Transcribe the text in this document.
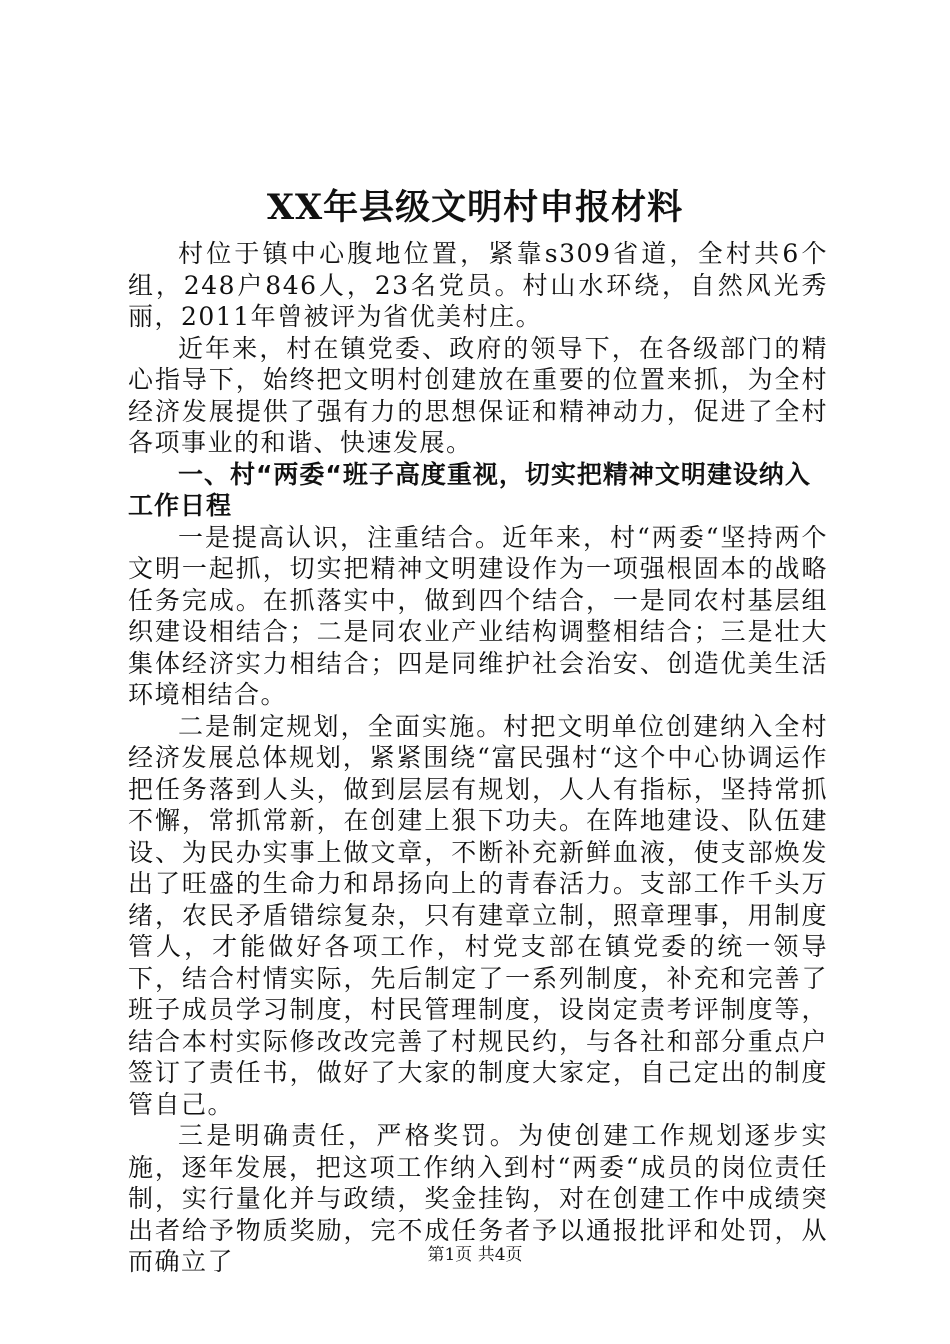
XX年县级文明村申报材料

村位于镇中心腹地位置，紧靠s309省道，全村共6个组，248户846人，23名党员。村山水环绕，自然风光秀丽，2011年曾被评为省优美村庄。

近年来，村在镇党委、政府的领导下，在各级部门的精心指导下，始终把文明村创建放在重要的位置来抓，为全村经济发展提供了强有力的思想保证和精神动力，促进了全村各项事业的和谐、快速发展。

一、村“两委“班子高度重视，切实把精神文明建设纳入工作日程

一是提高认识，注重结合。近年来，村“两委“坚持两个文明一起抓，切实把精神文明建设作为一项强根固本的战略任务完成。在抓落实中，做到四个结合，一是同农村基层组织建设相结合；二是同农业产业结构调整相结合；三是壮大集体经济实力相结合；四是同维护社会治安、创造优美生活环境相结合。

二是制定规划，全面实施。村把文明单位创建纳入全村经济发展总体规划，紧紧围绕“富民强村“这个中心协调运作把任务落到人头，做到层层有规划，人人有指标，坚持常抓不懈，常抓常新，在创建上狠下功夫。在阵地建设、队伍建设、为民办实事上做文章，不断补充新鲜血液，使支部焕发出了旺盛的生命力和昂扬向上的青春活力。支部工作千头万绪，农民矛盾错综复杂，只有建章立制，照章理事，用制度管人，才能做好各项工作，村党支部在镇党委的统一领导下，结合村情实际，先后制定了一系列制度，补充和完善了班子成员学习制度，村民管理制度，设岗定责考评制度等，结合本村实际修改改完善了村规民约，与各社和部分重点户签订了责任书，做好了大家的制度大家定，自己定出的制度管自己。

三是明确责任，严格奖罚。为使创建工作规划逐步实施，逐年发展，把这项工作纳入到村“两委“成员的岗位责任制，实行量化并与政绩，奖金挂钩，对在创建工作中成绩突出者给予物质奖励，完不成任务者予以通报批评和处罚，从而确立了	第1页 共4页
